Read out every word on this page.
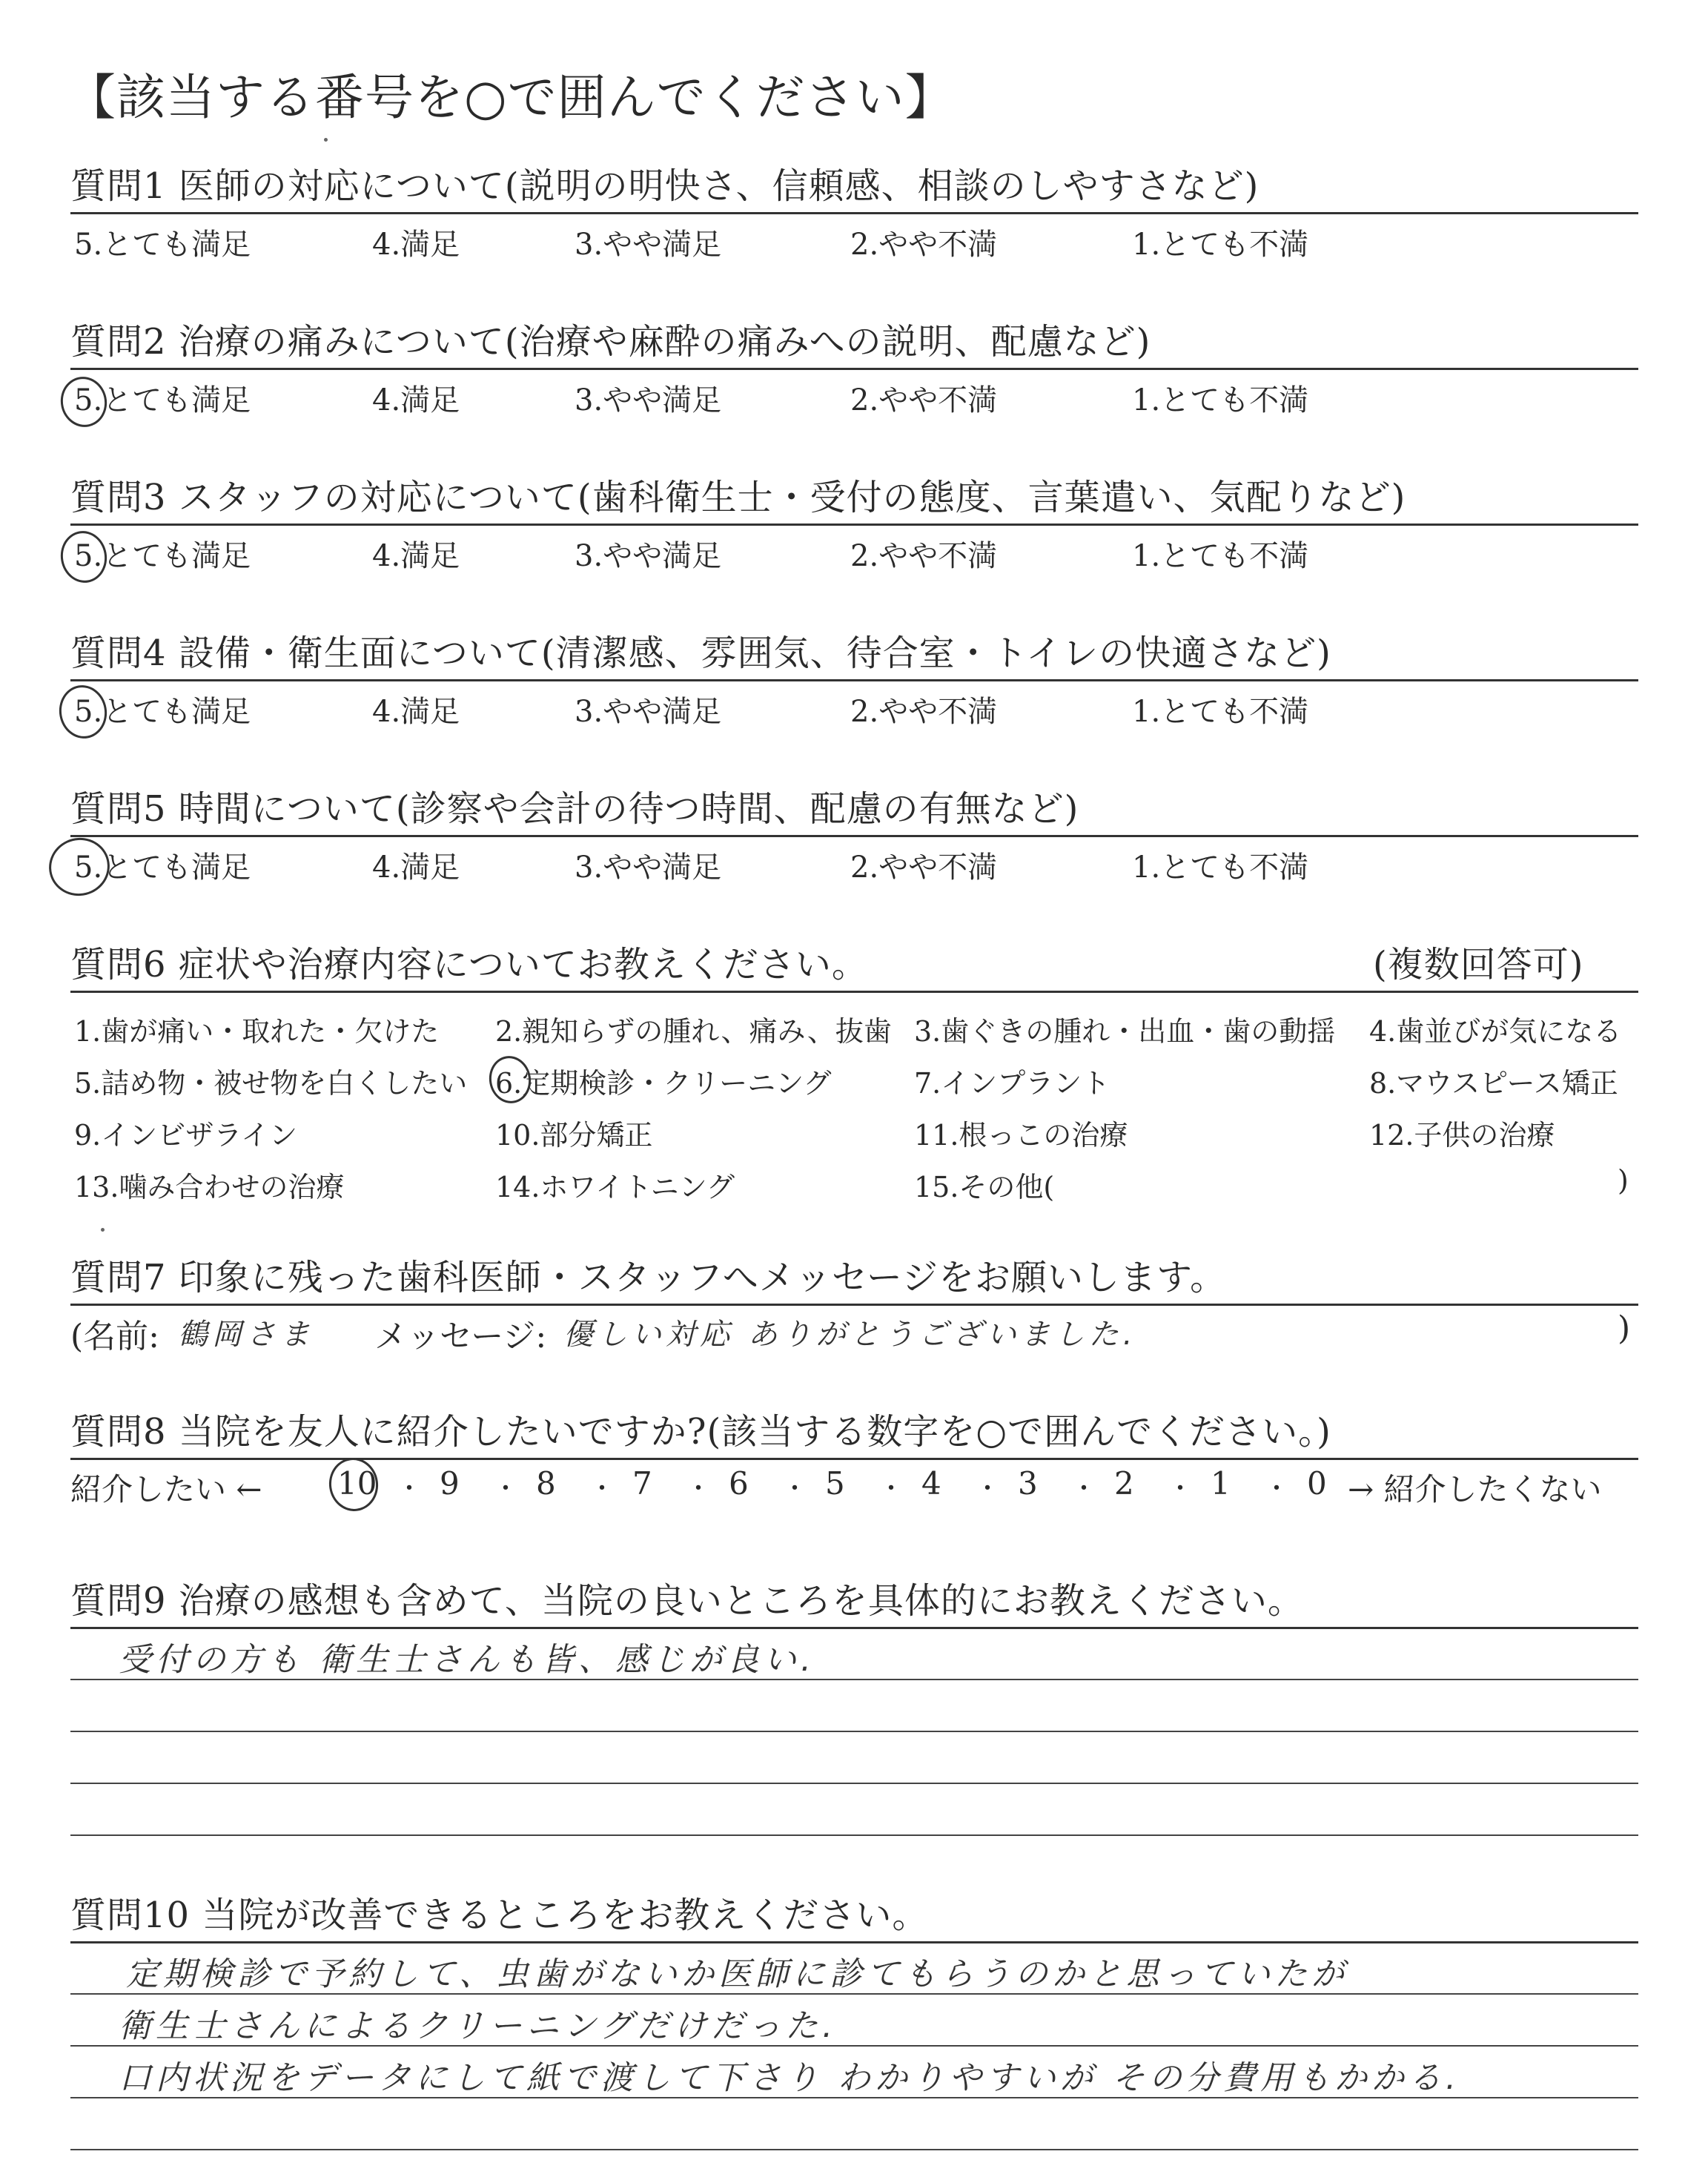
【該当する番号を○で囲んでください】
質問1 医師の対応について(説明の明快さ、信頼感、相談のしやすさなど)
5.とても満足	4.満足	3.やや満足	2.やや不満	1.とても不満
質問2 治療の痛みについて(治療や麻酔の痛みへの説明、配慮など)
5.とても満足	4.満足	3.やや満足	2.やや不満	1.とても不満
質問3 スタッフの対応について(歯科衛生士・受付の態度、言葉遣い、気配りなど)
5.とても満足	4.満足	3.やや満足	2.やや不満	1.とても不満
質問4 設備・衛生面について(清潔感、雰囲気、待合室・トイレの快適さなど)
5.とても満足	4.満足	3.やや満足	2.やや不満	1.とても不満
質問5 時間について(診察や会計の待つ時間、配慮の有無など)
5.とても満足	4.満足	3.やや満足	2.やや不満	1.とても不満
質問6 症状や治療内容についてお教えください。	(複数回答可)
1.歯が痛い・取れた・欠けた 2.親知らずの腫れ、痛み、抜歯 3.歯ぐきの腫れ・出血・歯の動揺 4.歯並びが気になる
5.詰め物・被せ物を白くしたい 6.定期検診・クリーニング	7.インプラント	8.マウスピース矯正
9.インビザライン	10.部分矯正	11.根っこの治療	12.子供の治療
13.噛み合わせの治療	14.ホワイトニング	15.その他(	)
質問7 印象に残った歯科医師・スタッフへメッセージをお願いします。
(名前: 鶴岡さま メッセージ: 優しい対応 ありがとうございました.	)
質問8 当院を友人に紹介したいですか?(該当する数字を○で囲んでください。)
紹介したい ← 10 ・ 9 ・ 8 ・ 7 ・ 6 ・ 5 ・ 4 ・ 3 ・ 2 ・ 1 ・ 0 → 紹介したくない
質問9 治療の感想も含めて、当院の良いところを具体的にお教えください。
受付の方も 衛生士さんも皆、感じが良い.
質問10 当院が改善できるところをお教えください。
定期検診で予約して、虫歯がないか医師に診てもらうのかと思っていたが
衛生士さんによるクリーニングだけだった.
口内状況をデータにして紙で渡して下さり わかりやすいが その分費用もかかる.
